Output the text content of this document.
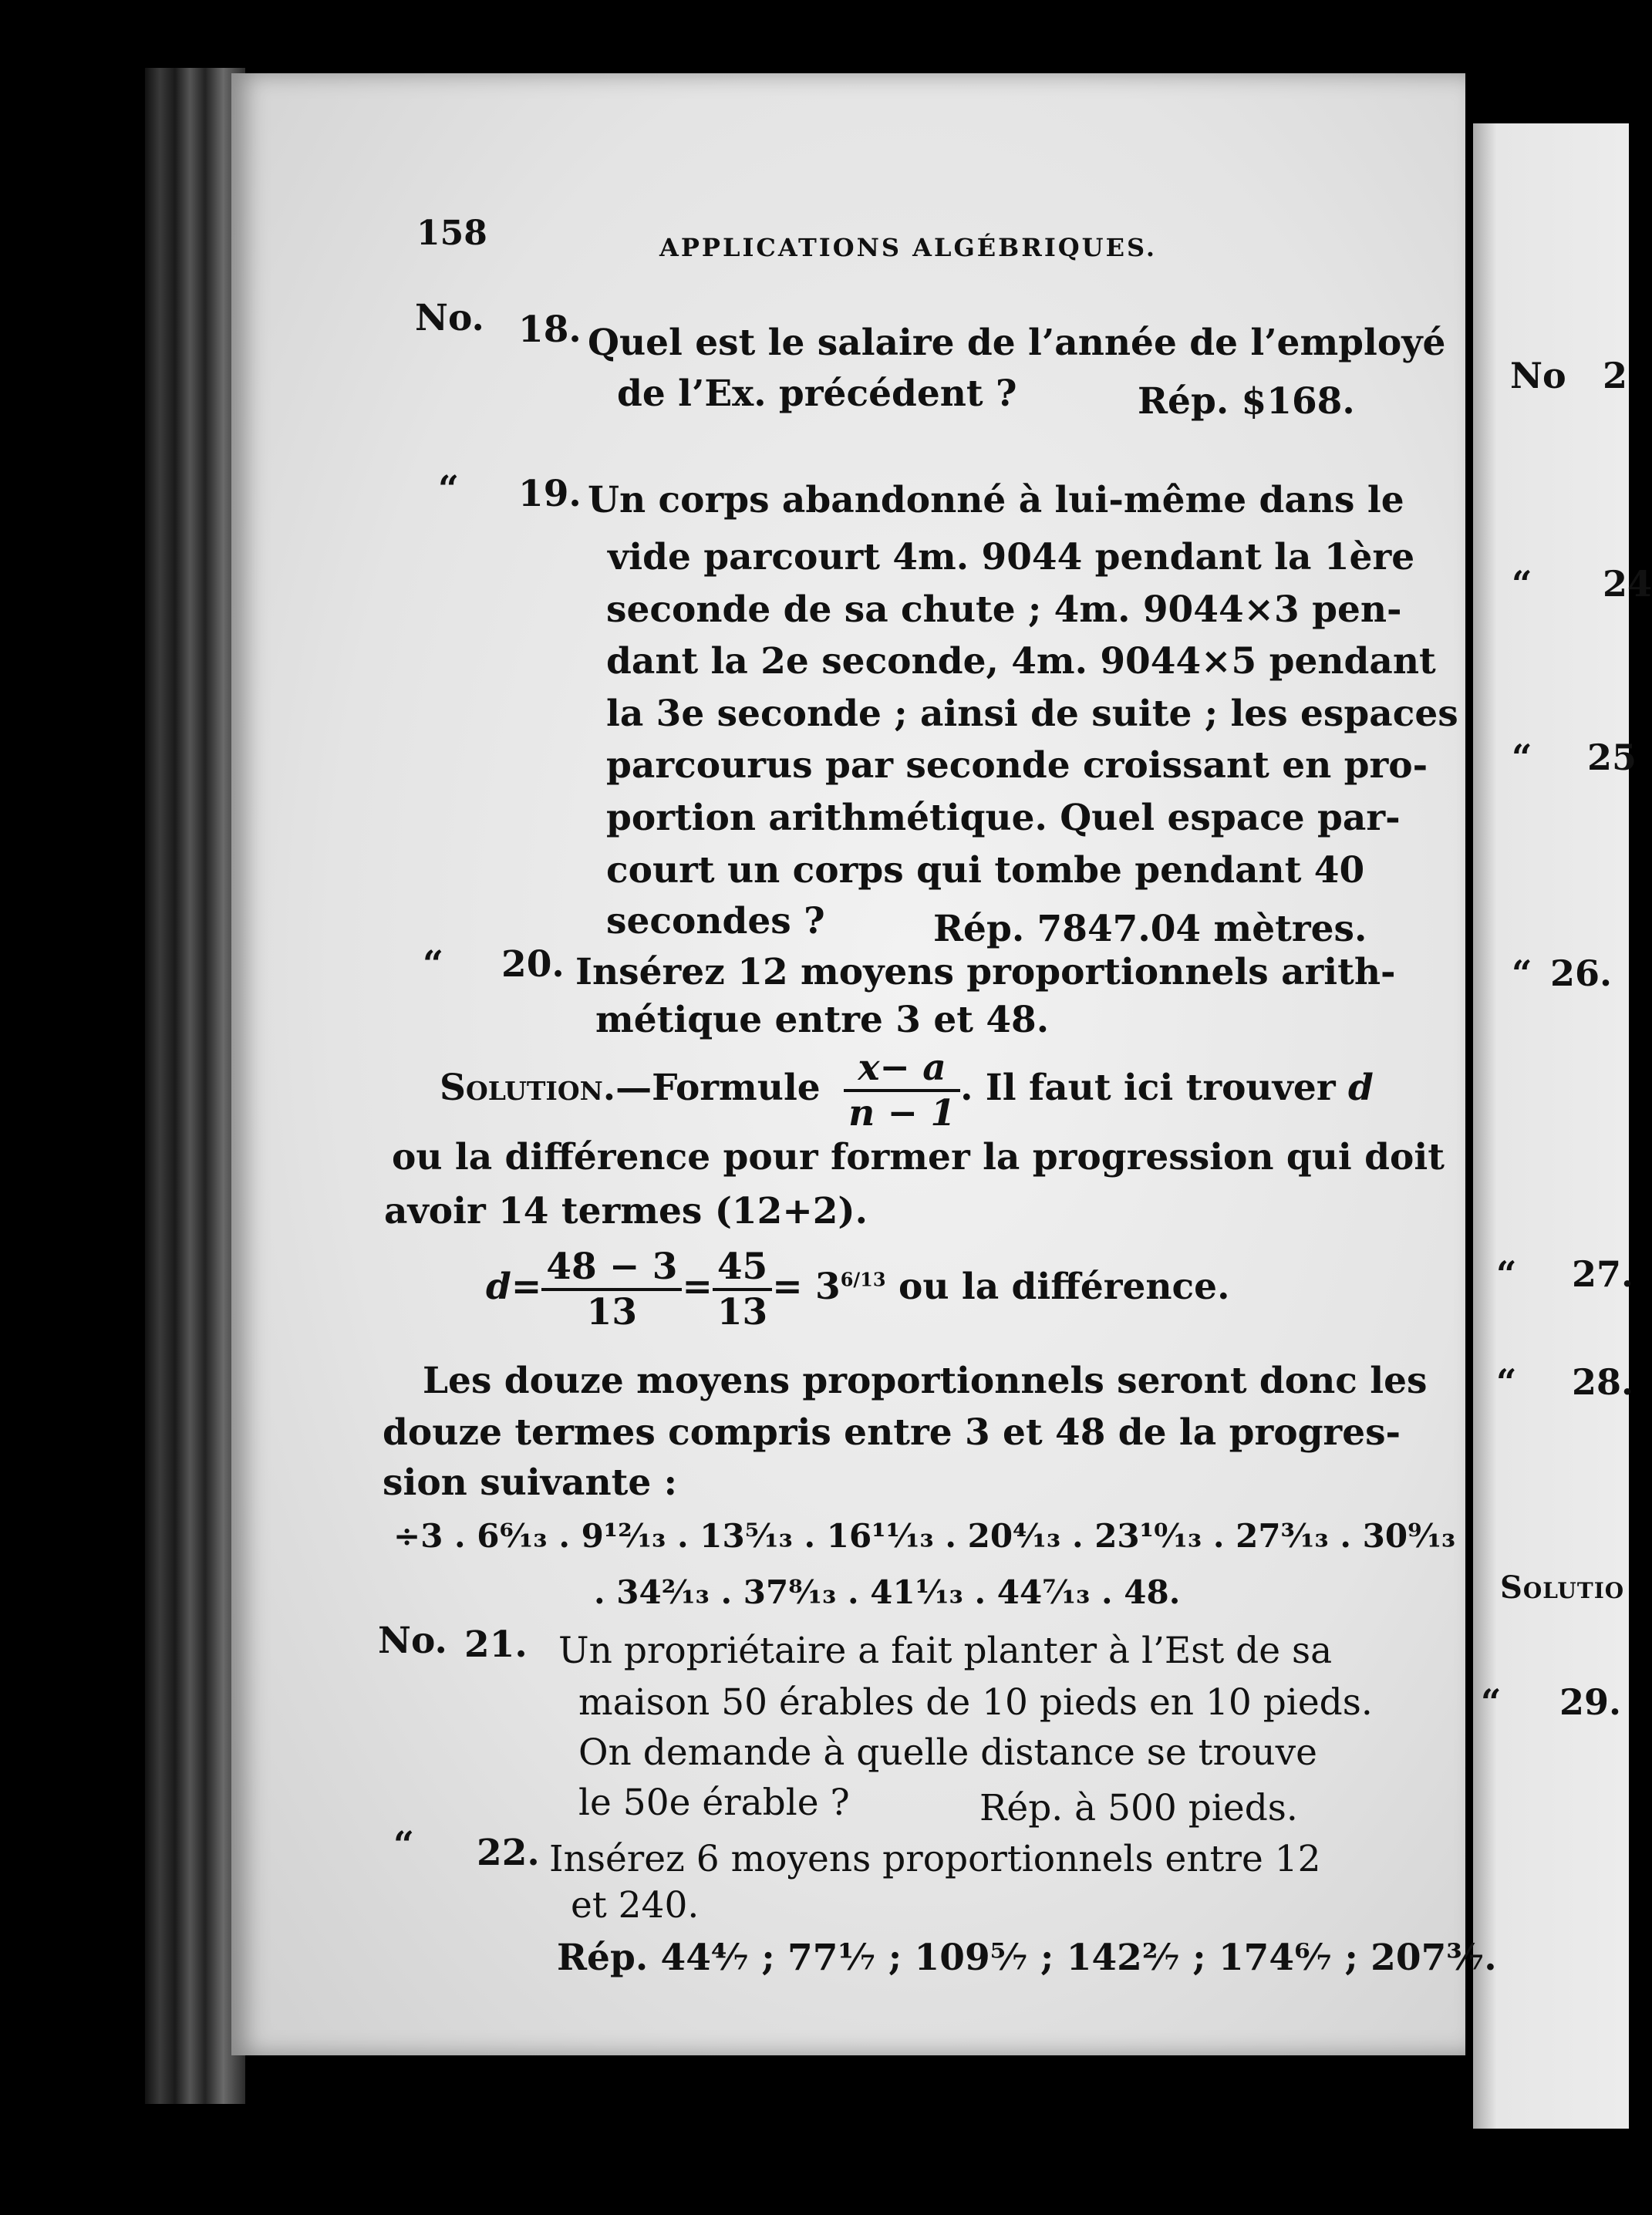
No 2
“ 24
“ 25
“ 26.
“ 27.
“ 28.
Solutio
“ 29.
158	APPLICATIONS ALGÉBRIQUES.
No. 18. Quel est le salaire de l’année de l’employé
de l’Ex. précédent ?	Rép. $168.
“ 19. Un corps abandonné à lui-même dans le
vide parcourt 4m. 9044 pendant la 1ère
seconde de sa chute ; 4m. 9044×3 pen-
dant la 2e seconde, 4m. 9044×5 pendant
la 3e seconde ; ainsi de suite ; les espaces
parcourus par seconde croissant en pro-
portion arithmétique. Quel espace par-
court un corps qui tombe pendant 40
secondes ?	Rép. 7847.04 mètres.
“ 20. Insérez 12 moyens proportionnels arith-
métique entre 3 et 48.
Solution.—Formule $\frac{x- a}{n - 1}$ . Il faut ici trouver d
ou la différence pour former la progression qui doit
avoir 14 termes (12+2).
$d= \frac{48 - 3}{13} = \frac{45}{13} = 3^{6/13}$ ou la différence.
Les douze moyens proportionnels seront donc les
douze termes compris entre 3 et 48 de la progres-
sion suivante :
÷3 . 6⁶⁄₁₃ . 9¹²⁄₁₃ . 13⁵⁄₁₃ . 16¹¹⁄₁₃ . 20⁴⁄₁₃ . 23¹⁰⁄₁₃ . 27³⁄₁₃ . 30⁹⁄₁₃
. 34²⁄₁₃ . 37⁸⁄₁₃ . 41¹⁄₁₃ . 44⁷⁄₁₃ . 48.
No. 21. Un propriétaire a fait planter à l’Est de sa
maison 50 érables de 10 pieds en 10 pieds.
On demande à quelle distance se trouve
le 50e érable ?	Rép. à 500 pieds.
“ 22. Insérez 6 moyens proportionnels entre 12
et 240.
Rép. 44⁴⁄₇ ; 77¹⁄₇ ; 109⁵⁄₇ ; 142²⁄₇ ; 174⁶⁄₇ ; 207³⁄₇.
